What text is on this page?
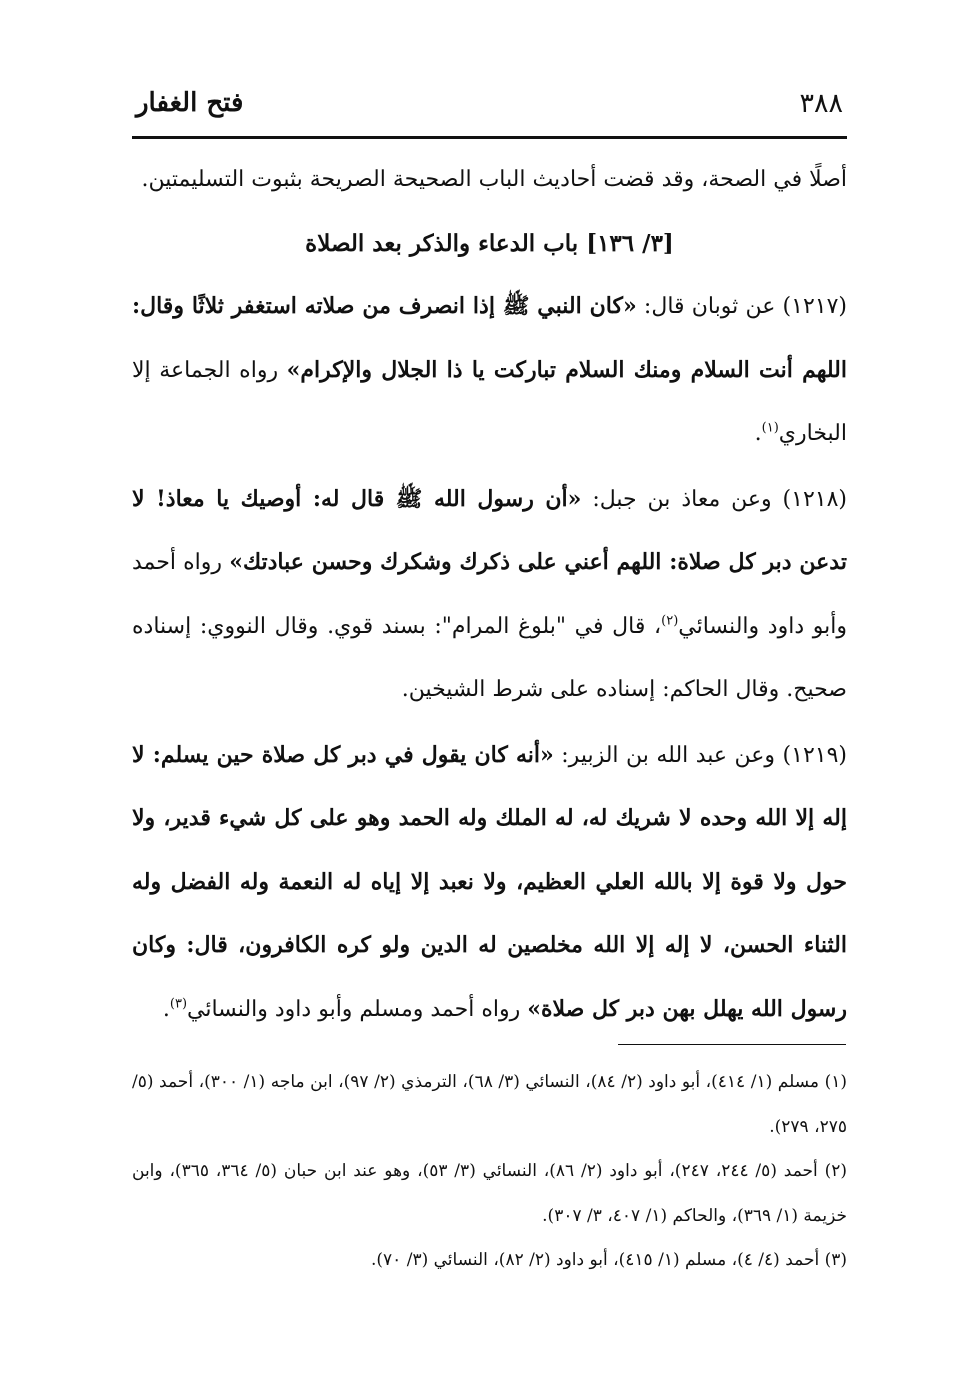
٣٨٨
فتح الغفار

أصلًا في الصحة، وقد قضت أحاديث الباب الصحيحة الصريحة بثبوت التسليمتين.

[٣/ ١٣٦] باب الدعاء والذكر بعد الصلاة

(١٢١٧) عن ثوبان قال: «كان النبي ﷺ إذا انصرف من صلاته استغفر ثلاثًا وقال: اللهم أنت السلام ومنك السلام تباركت يا ذا الجلال والإكرام» رواه الجماعة إلا البخاري$^{(١)}$.

(١٢١٨) وعن معاذ بن جبل: «أن رسول الله ﷺ قال له: أوصيك يا معاذ! لا تدعن دبر كل صلاة: اللهم أعني على ذكرك وشكرك وحسن عبادتك» رواه أحمد وأبو داود والنسائي$^{(٢)}$، قال في "بلوغ المرام": بسند قوي. وقال النووي: إسناده صحيح. وقال الحاكم: إسناده على شرط الشيخين.

(١٢١٩) وعن عبد الله بن الزبير: «أنه كان يقول في دبر كل صلاة حين يسلم: لا إله إلا الله وحده لا شريك له، له الملك وله الحمد وهو على كل شيء قدير، ولا حول ولا قوة إلا بالله العلي العظيم، ولا نعبد إلا إياه له النعمة وله الفضل وله الثناء الحسن، لا إله إلا الله مخلصين له الدين ولو كره الكافرون، قال: وكان رسول الله يهلل بهن دبر كل صلاة» رواه أحمد ومسلم وأبو داود والنسائي$^{(٣)}$.

(١) مسلم (١/ ٤١٤)، أبو داود (٢/ ٨٤)، النسائي (٣/ ٦٨)، الترمذي (٢/ ٩٧)، ابن ماجه (١/ ٣٠٠)، أحمد (٥/ ٢٧٥، ٢٧٩).

(٢) أحمد (٥/ ٢٤٤، ٢٤٧)، أبو داود (٢/ ٨٦)، النسائي (٣/ ٥٣)، وهو عند ابن حبان (٥/ ٣٦٤، ٣٦٥)، وابن خزيمة (١/ ٣٦٩)، والحاكم (١/ ٤٠٧، ٣/ ٣٠٧).

(٣) أحمد (٤/ ٤)، مسلم (١/ ٤١٥)، أبو داود (٢/ ٨٢)، النسائي (٣/ ٧٠).
